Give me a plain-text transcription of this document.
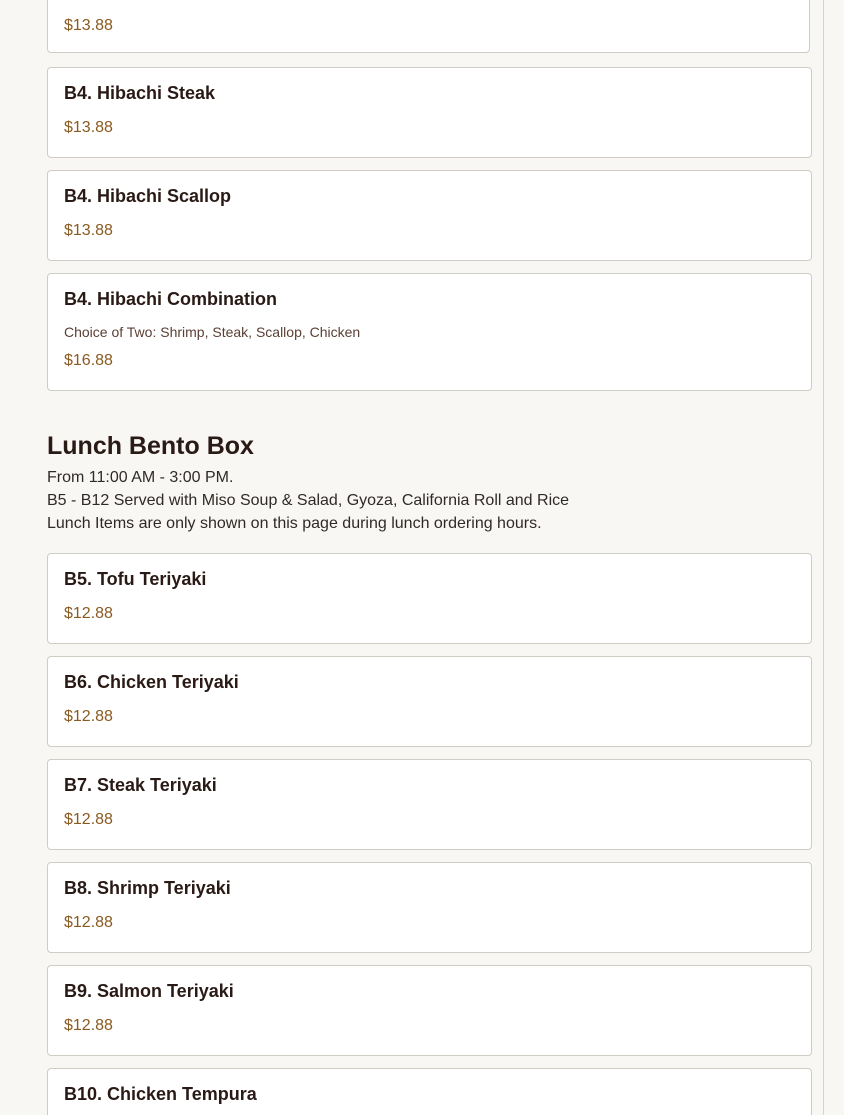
$13.88
B4. Hibachi Steak
$13.88
B4. Hibachi Scallop
$13.88
B4. Hibachi Combination
Choice of Two: Shrimp, Steak, Scallop, Chicken
$16.88
Lunch Bento Box
From 11:00 AM - 3:00 PM.
B5 - B12 Served with Miso Soup & Salad, Gyoza, California Roll and Rice
Lunch Items are only shown on this page during lunch ordering hours.
B5. Tofu Teriyaki
$12.88
B6. Chicken Teriyaki
$12.88
B7. Steak Teriyaki
$12.88
B8. Shrimp Teriyaki
$12.88
B9. Salmon Teriyaki
$12.88
B10. Chicken Tempura
